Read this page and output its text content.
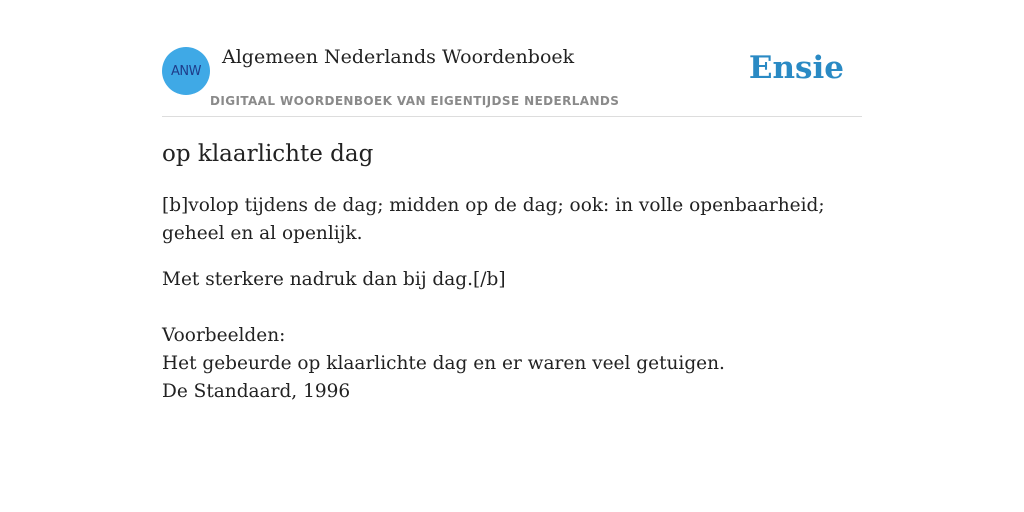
ANW
Algemeen Nederlands Woordenboek
DIGITAAL WOORDENBOEK VAN EIGENTIJDSE NEDERLANDS
Ensie
op klaarlichte dag

[b]volop tijdens de dag; midden op de dag; ook: in volle openbaarheid; geheel en al openlijk.

Met sterkere nadruk dan bij dag.[/b]

Voorbeelden:
Het gebeurde op klaarlichte dag en er waren veel getuigen.
De Standaard, 1996
